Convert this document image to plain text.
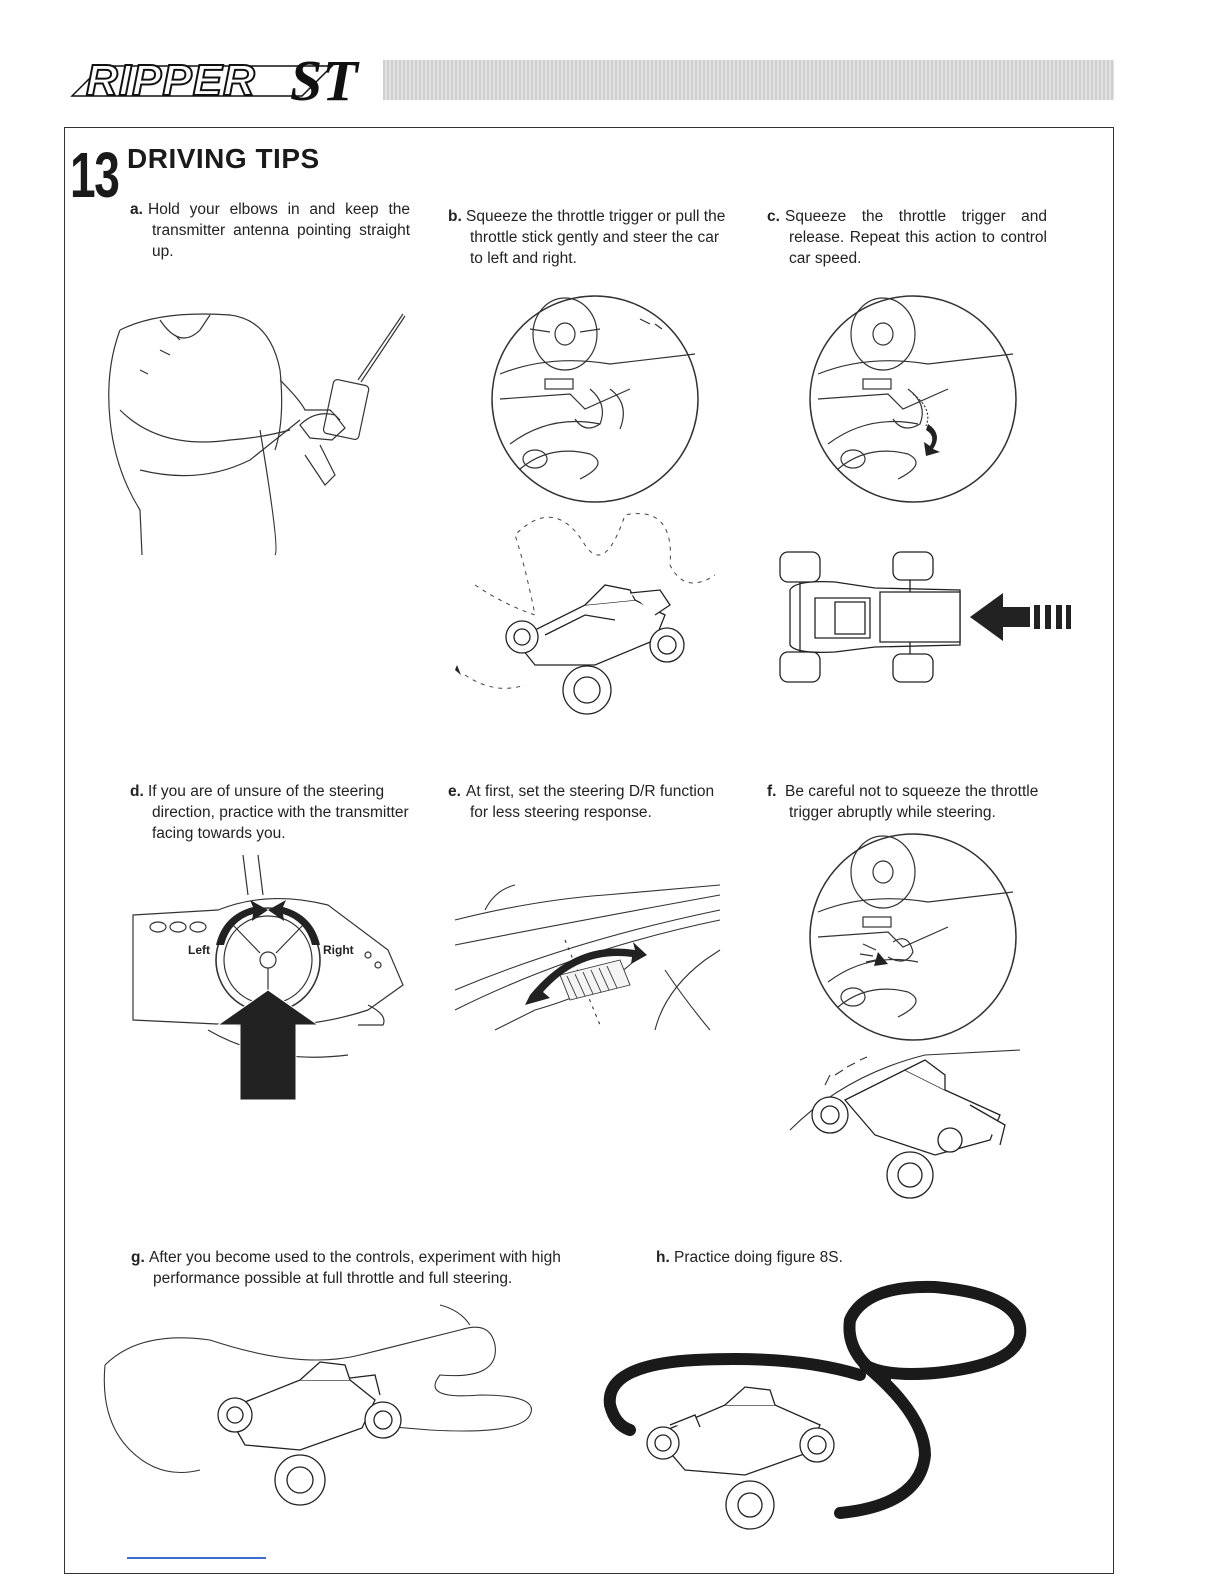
RIPPER ST
13 DRIVING TIPS
a. Hold your elbows in and keep the transmitter antenna pointing straight up.
b. Squeeze the throttle trigger or pull the throttle stick gently and steer the car to left and right.
c. Squeeze the throttle trigger and release. Repeat this action to control car speed.
d. If you are of unsure of the steering direction, practice with the transmitter facing towards you.
e. At first, set the steering D/R function for less steering response.
f. Be careful not to squeeze the throttle trigger abruptly while steering.
g. After you become used to the controls, experiment with high performance possible at full throttle and full steering.
h. Practice doing figure 8S.
Left	Right
